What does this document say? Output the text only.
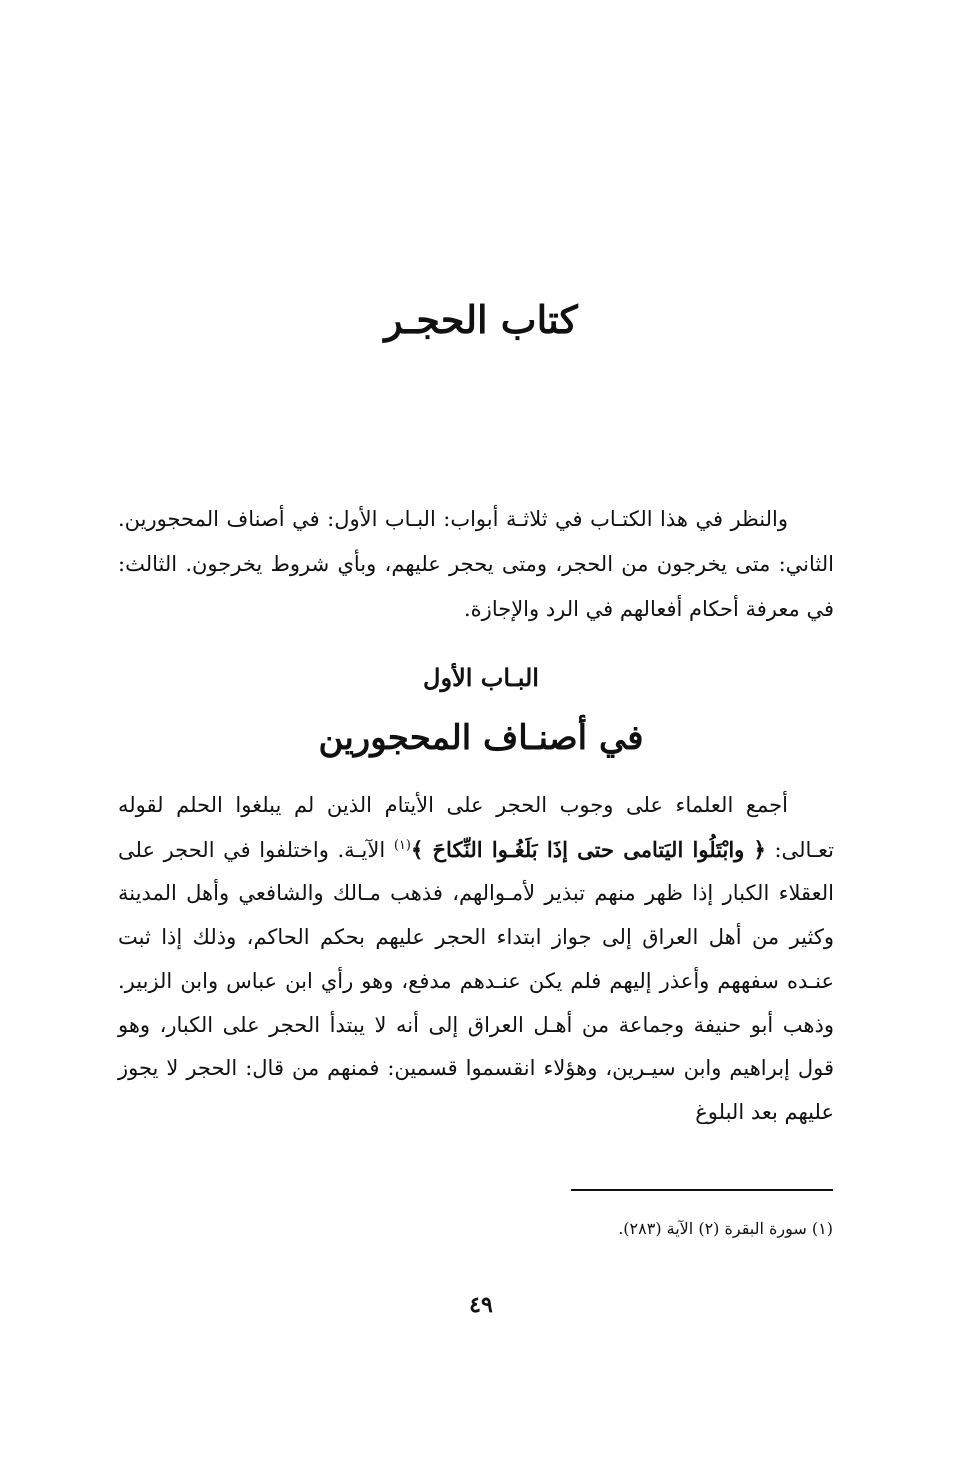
كتاب الحجـر

والنظر في هذا الكتـاب في ثلاثـة أبواب: البـاب الأول: في أصناف المحجورين. الثاني: متى يخرجون من الحجر، ومتى يحجر عليهم، وبأي شروط يخرجون. الثالث: في معرفة أحكام أفعالهم في الرد والإجازة.

البـاب الأول
في أصنـاف المحجورين

أجمع العلماء على وجوب الحجر على الأيتام الذين لم يبلغوا الحلم لقوله تعـالى: ﴿ وابْتَلُوا اليَتامى حتى إذَا بَلَغُـوا النِّكاحَ ﴾$^{(١)}$ الآيـة. واختلفوا في الحجر على العقلاء الكبار إذا ظهر منهم تبذير لأمـوالهم، فذهب مـالك والشافعي وأهل المدينة وكثير من أهل العراق إلى جواز ابتداء الحجر عليهم بحكم الحاكم، وذلك إذا ثبت عنـده سفههم وأعذر إليهم فلم يكن عنـدهم مدفع، وهو رأي ابن عباس وابن الزبير. وذهب أبو حنيفة وجماعة من أهـل العراق إلى أنه لا يبتدأ الحجر على الكبار، وهو قول إبراهيم وابن سيـرين، وهؤلاء انقسموا قسمين: فمنهم من قال: الحجر لا يجوز عليهم بعد البلوغ

(١) سورة البقرة (٢) الآية (٢٨٣).

٤٩
